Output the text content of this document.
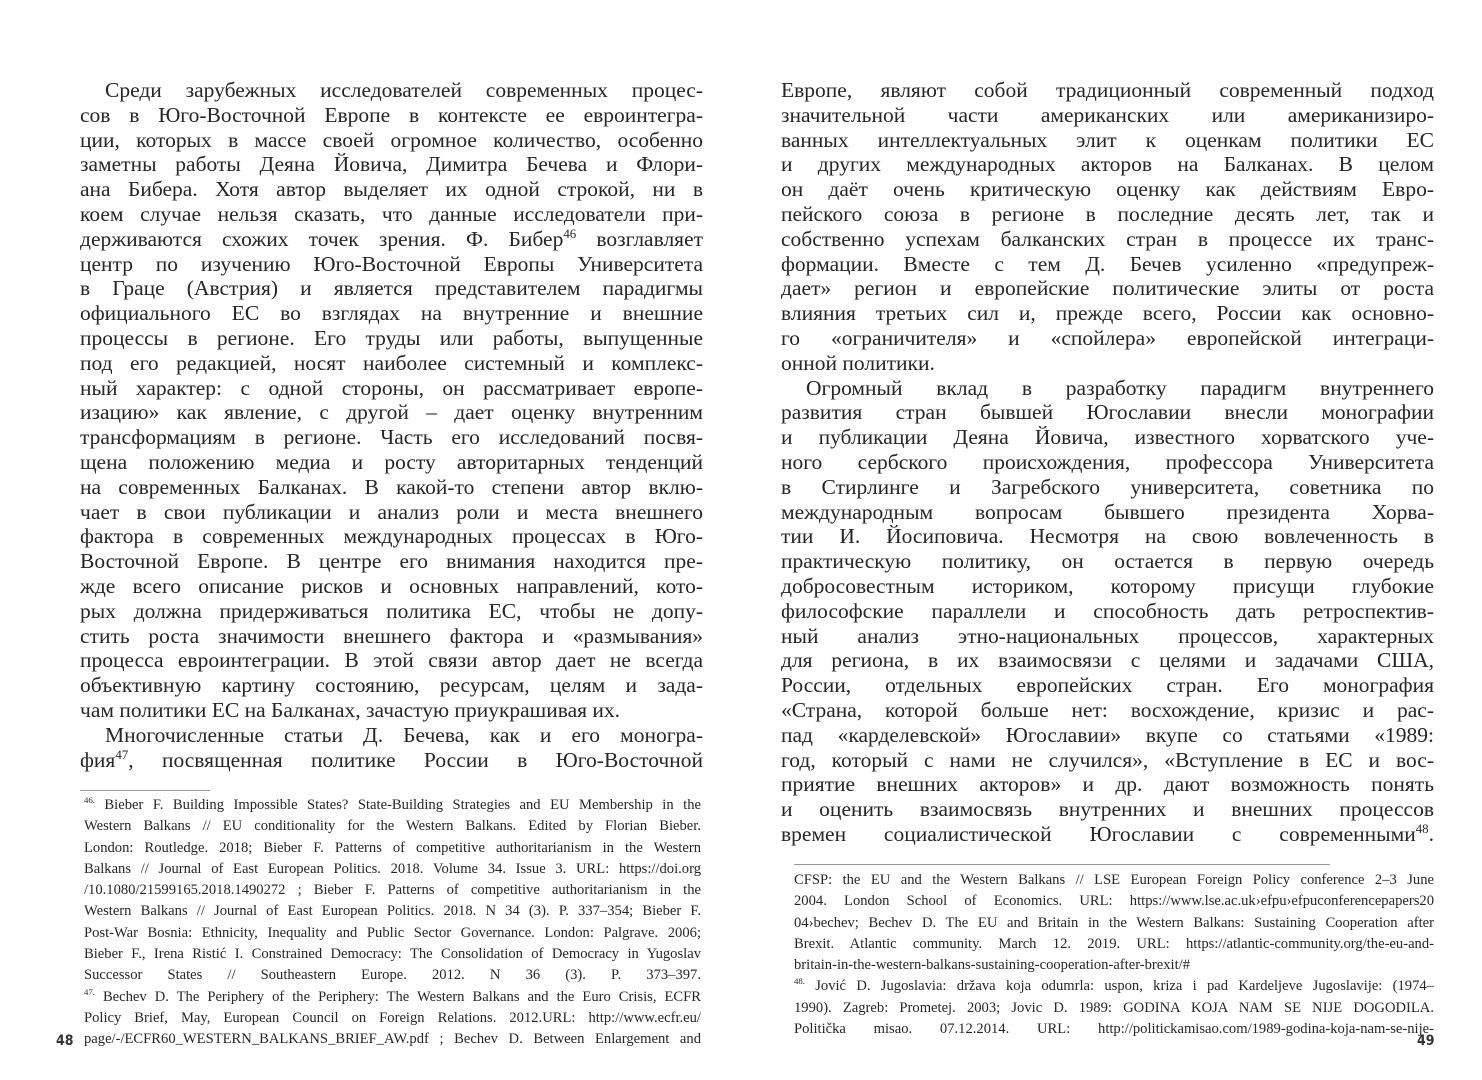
Среди зарубежных исследователей современных процес-
сов в Юго-Восточной Европе в контексте ее евроинтегра-
ции, которых в массе своей огромное количество, особенно
заметны работы Деяна Йовича, Димитра Бечева и Флори-
ана Бибера. Хотя автор выделяет их одной строкой, ни в
коем случае нельзя сказать, что данные исследователи при-
держиваются схожих точек зрения. Ф. Бибер$^{46}$ возглавляет
центр по изучению Юго-Восточной Европы Университета
в Граце (Австрия) и является представителем парадигмы
официального ЕС во взглядах на внутренние и внешние
процессы в регионе. Его труды или работы, выпущенные
под его редакцией, носят наиболее системный и комплекс-
ный характер: с одной стороны, он рассматривает европе-
изацию» как явление, с другой – дает оценку внутренним
трансформациям в регионе. Часть его исследований посвя-
щена положению медиа и росту авторитарных тенденций
на современных Балканах. В какой-то степени автор вклю-
чает в свои публикации и анализ роли и места внешнего
фактора в современных международных процессах в Юго-
Восточной Европе. В центре его внимания находится пре-
жде всего описание рисков и основных направлений, кото-
рых должна придерживаться политика ЕС, чтобы не допу-
стить роста значимости внешнего фактора и «размывания»
процесса евроинтеграции. В этой связи автор дает не всегда
объективную картину состоянию, ресурсам, целям и зада-
чам политики ЕС на Балканах, зачастую приукрашивая их.
Многочисленные статьи Д. Бечева, как и его моногра-
фия$^{47}$, посвященная политике России в Юго-Восточной
$^{46.}$ Bieber F. Building Impossible States? State-Building Strategies and EU Membership in the
Western Balkans // EU conditionality for the Western Balkans. Edited by Florian Bieber.
London: Routledge. 2018; Bieber F. Patterns of competitive authoritarianism in the Western
Balkans // Journal of East European Politics. 2018. Volume 34. Issue 3. URL: https://doi.org
/10.1080/21599165.2018.1490272 ; Bieber F. Patterns of competitive authoritarianism in the
Western Balkans // Journal of East European Politics. 2018. N 34 (3). P. 337–354; Bieber F.
Post-War Bosnia: Ethnicity, Inequality and Public Sector Governance. London: Palgrave. 2006;
Bieber F., Irena Ristić I. Constrained Democracy: The Consolidation of Democracy in Yugoslav
Successor States // Southeastern Europe. 2012. N 36 (3). P. 373–397.
$^{47.}$ Bechev D. The Periphery of the Periphery: The Western Balkans and the Euro Crisis, ECFR
Policy Brief, May, European Council on Foreign Relations. 2012.URL: http://www.ecfr.eu/
page/-/ECFR60_WESTERN_BALKANS_BRIEF_AW.pdf ; Bechev D. Between Enlargement and
48
Европе, являют собой традиционный современный подход
значительной части американских или американизиро-
ванных интеллектуальных элит к оценкам политики ЕС
и других международных акторов на Балканах. В целом
он даёт очень критическую оценку как действиям Евро-
пейского союза в регионе в последние десять лет, так и
собственно успехам балканских стран в процессе их транс-
формации. Вместе с тем Д. Бечев усиленно «предупреж-
дает» регион и европейские политические элиты от роста
влияния третьих сил и, прежде всего, России как основно-
го «ограничителя» и «спойлера» европейской интеграци-
онной политики.
Огромный вклад в разработку парадигм внутреннего
развития стран бывшей Югославии внесли монографии
и публикации Деяна Йовича, известного хорватского уче-
ного сербского происхождения, профессора Университета
в Стирлинге и Загребского университета, советника по
международным вопросам бывшего президента Хорва-
тии И. Йосиповича. Несмотря на свою вовлеченность в
практическую политику, он остается в первую очередь
добросовестным историком, которому присущи глубокие
философские параллели и способность дать ретроспектив-
ный анализ этно-национальных процессов, характерных
для региона, в их взаимосвязи с целями и задачами США,
России, отдельных европейских стран. Его монография
«Страна, которой больше нет: восхождение, кризис и рас-
пад «карделевской» Югославии» вкупе со статьями «1989:
год, который с нами не случился», «Вступление в ЕС и вос-
приятие внешних акторов» и др. дают возможность понять
и оценить взаимосвязь внутренних и внешних процессов
времен социалистической Югославии с современными$^{48}$.
CFSP: the EU and the Western Balkans // LSE European Foreign Policy conference 2–3 June
2004. London School of Economics. URL: https://www.lse.ac.uk›efpu›efpuconferencepapers20
04›bechev; Bechev D. The EU and Britain in the Western Balkans: Sustaining Cooperation after
Brexit. Atlantic community. March 12. 2019. URL: https://atlantic-community.org/the-eu-and-
britain-in-the-western-balkans-sustaining-cooperation-after-brexit/#
$^{48.}$ Jović D. Jugoslavia: država koja odumrla: uspon, kriza i pad Kardeljeve Jugoslavije: (1974–
1990). Zagreb: Prometej. 2003; Jovic D. 1989: GODINA KOJA NAM SE NIJE DOGODILA.
Politička misao. 07.12.2014. URL: http://politickamisao.com/1989-godina-koja-nam-se-nije-
49
